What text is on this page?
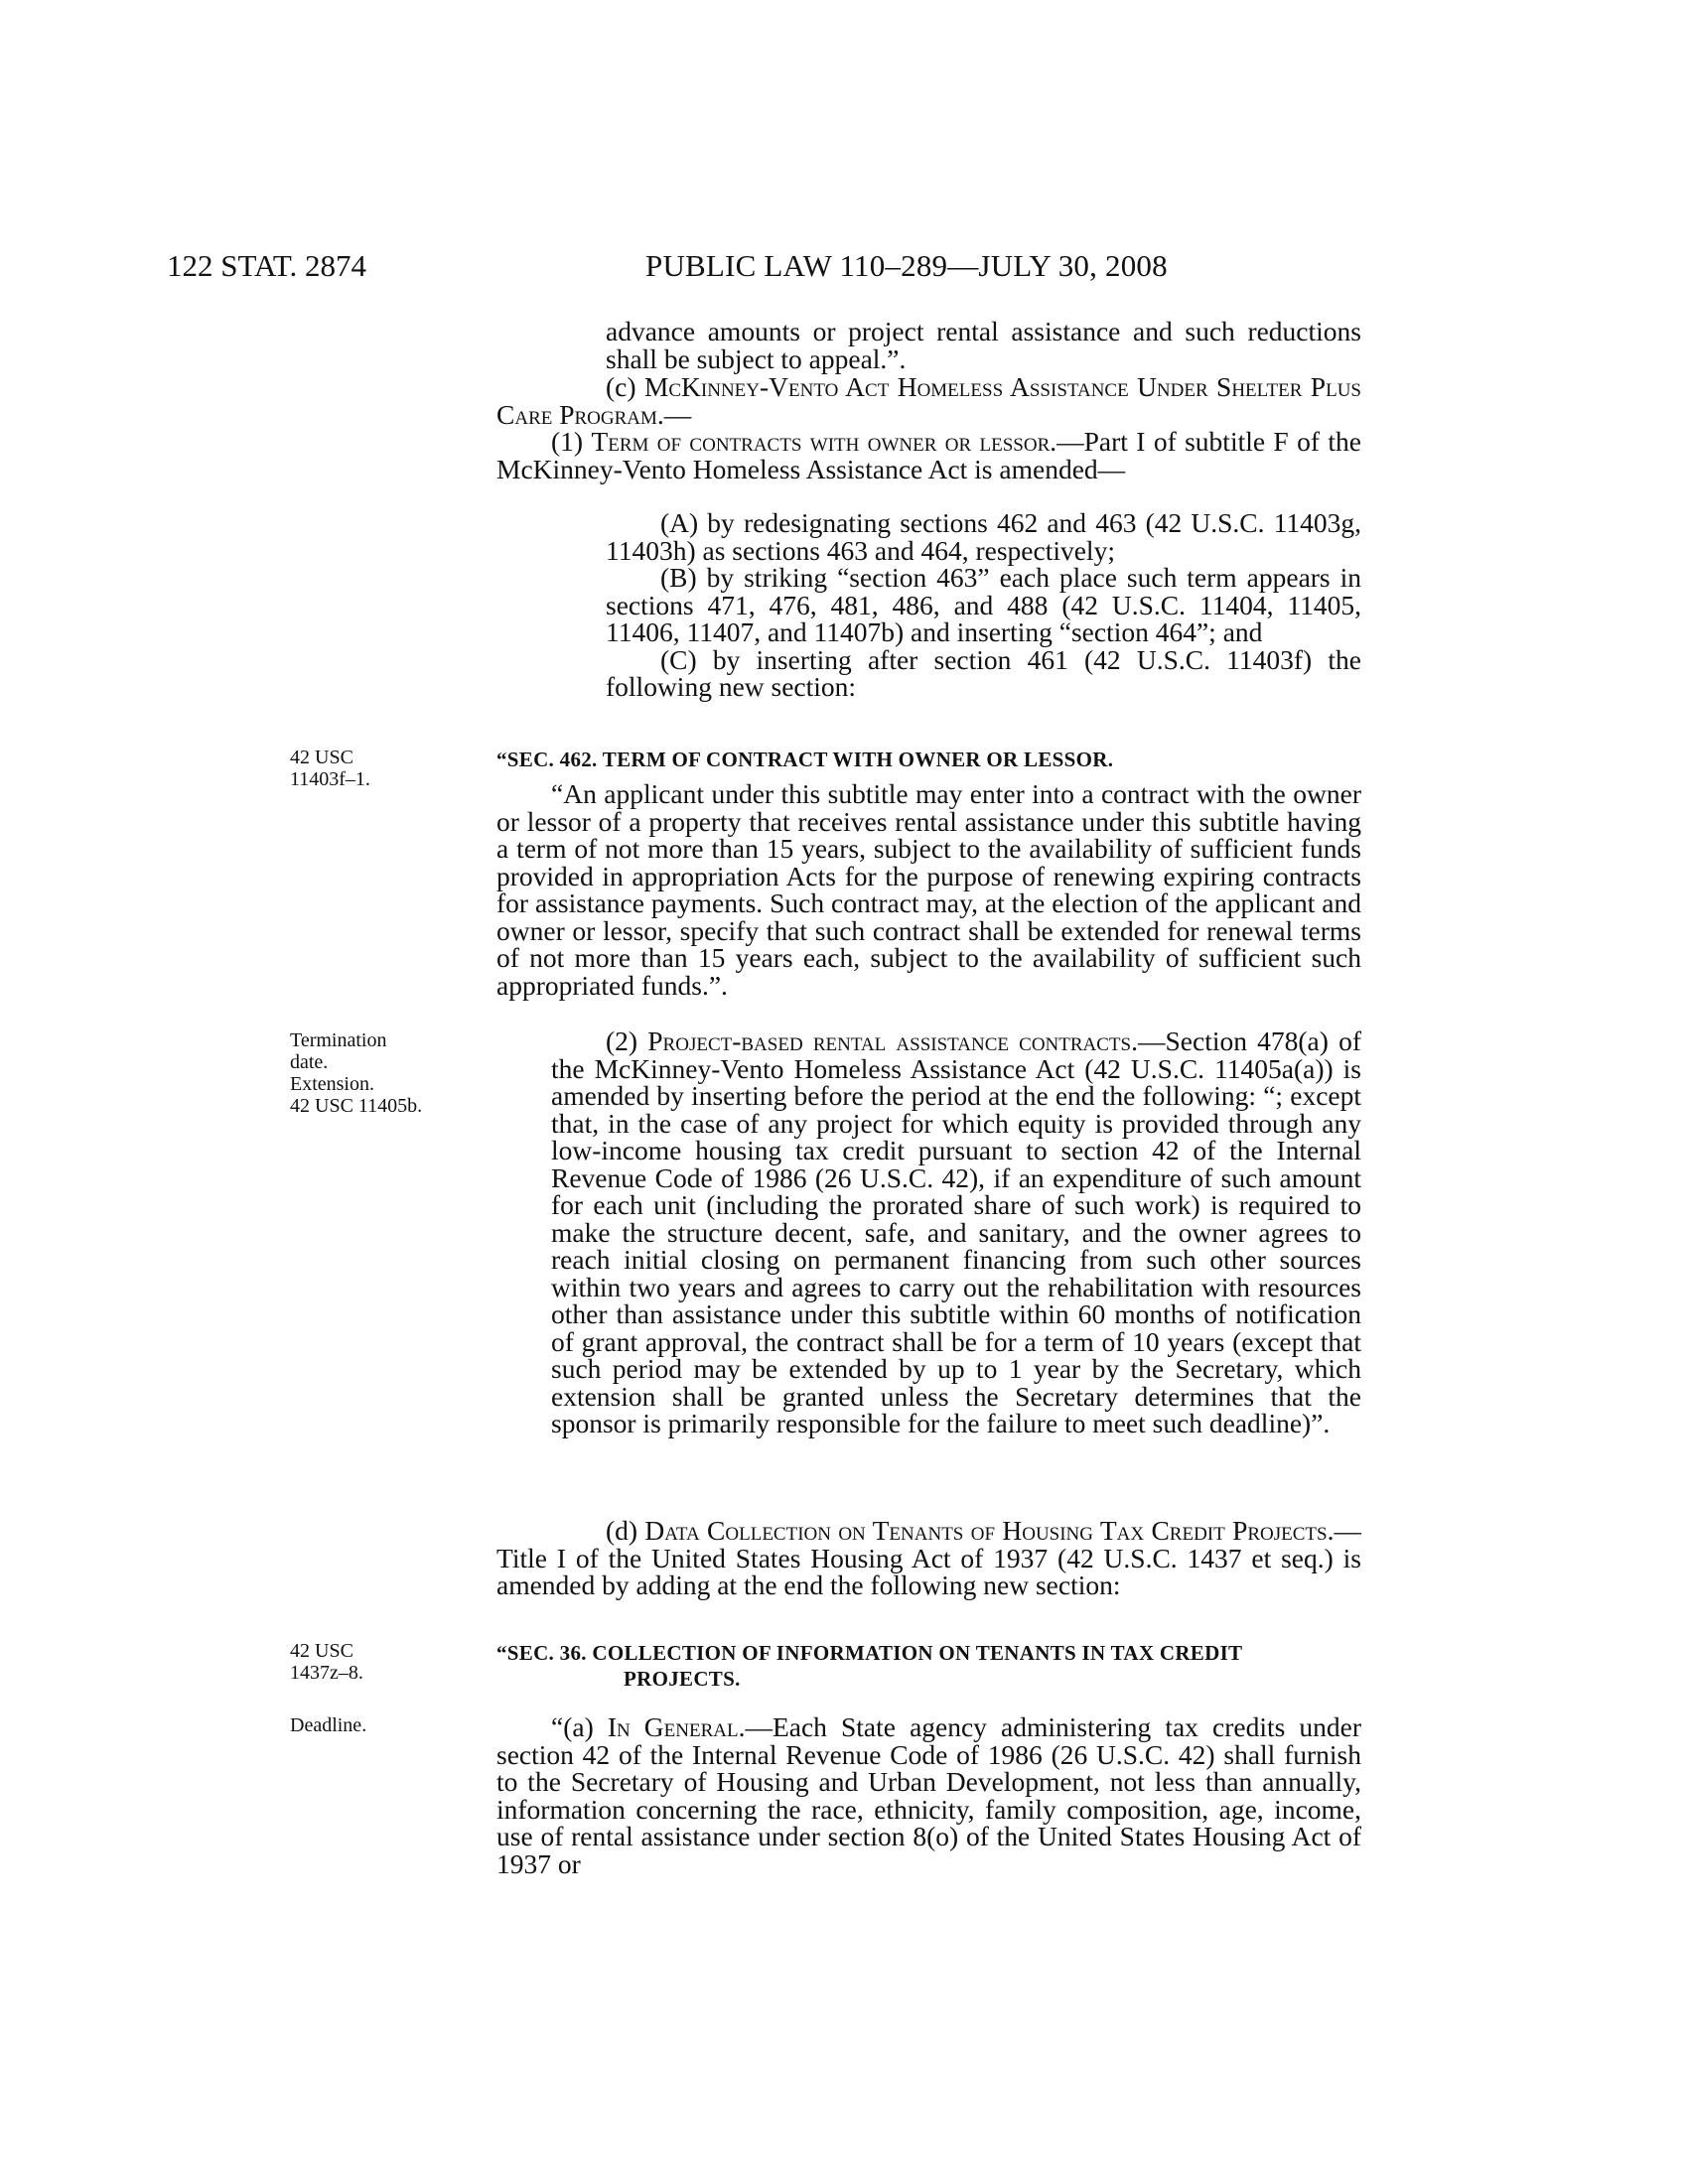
122 STAT. 2874	PUBLIC LAW 110–289—JULY 30, 2008
42 USC
11403f–1.
Termination
date.
Extension.
42 USC 11405b.
42 USC
1437z–8.
Deadline.

advance amounts or project rental assistance and such reductions shall be subject to appeal.”.

(c) McKinney-Vento Act Homeless Assistance Under Shelter Plus Care Program.—

(1) Term of contracts with owner or lessor.—Part I of subtitle F of the McKinney-Vento Homeless Assistance Act is amended—

(A) by redesignating sections 462 and 463 (42 U.S.C. 11403g, 11403h) as sections 463 and 464, respectively;

(B) by striking “section 463” each place such term appears in sections 471, 476, 481, 486, and 488 (42 U.S.C. 11404, 11405, 11406, 11407, and 11407b) and inserting “section 464”; and

(C) by inserting after section 461 (42 U.S.C. 11403f) the following new section:

“SEC. 462. TERM OF CONTRACT WITH OWNER OR LESSOR.

“An applicant under this subtitle may enter into a contract with the owner or lessor of a property that receives rental assistance under this subtitle having a term of not more than 15 years, subject to the availability of sufficient funds provided in appropriation Acts for the purpose of renewing expiring contracts for assistance payments. Such contract may, at the election of the applicant and owner or lessor, specify that such contract shall be extended for renewal terms of not more than 15 years each, subject to the availability of sufficient such appropriated funds.”.

(2) Project-based rental assistance contracts.—Section 478(a) of the McKinney-Vento Homeless Assistance Act (42 U.S.C. 11405a(a)) is amended by inserting before the period at the end the following: “; except that, in the case of any project for which equity is provided through any low-income housing tax credit pursuant to section 42 of the Internal Revenue Code of 1986 (26 U.S.C. 42), if an expenditure of such amount for each unit (including the prorated share of such work) is required to make the structure decent, safe, and sanitary, and the owner agrees to reach initial closing on permanent financing from such other sources within two years and agrees to carry out the rehabilitation with resources other than assistance under this subtitle within 60 months of notification of grant approval, the contract shall be for a term of 10 years (except that such period may be extended by up to 1 year by the Secretary, which extension shall be granted unless the Secretary determines that the sponsor is primarily responsible for the failure to meet such deadline)”.

(d) Data Collection on Tenants of Housing Tax Credit Projects.—Title I of the United States Housing Act of 1937 (42 U.S.C. 1437 et seq.) is amended by adding at the end the following new section:

“SEC. 36. COLLECTION OF INFORMATION ON TENANTS IN TAX CREDIT
PROJECTS.

“(a) In General.—Each State agency administering tax credits under section 42 of the Internal Revenue Code of 1986 (26 U.S.C. 42) shall furnish to the Secretary of Housing and Urban Development, not less than annually, information concerning the race, ethnicity, family composition, age, income, use of rental assistance under section 8(o) of the United States Housing Act of 1937 or
